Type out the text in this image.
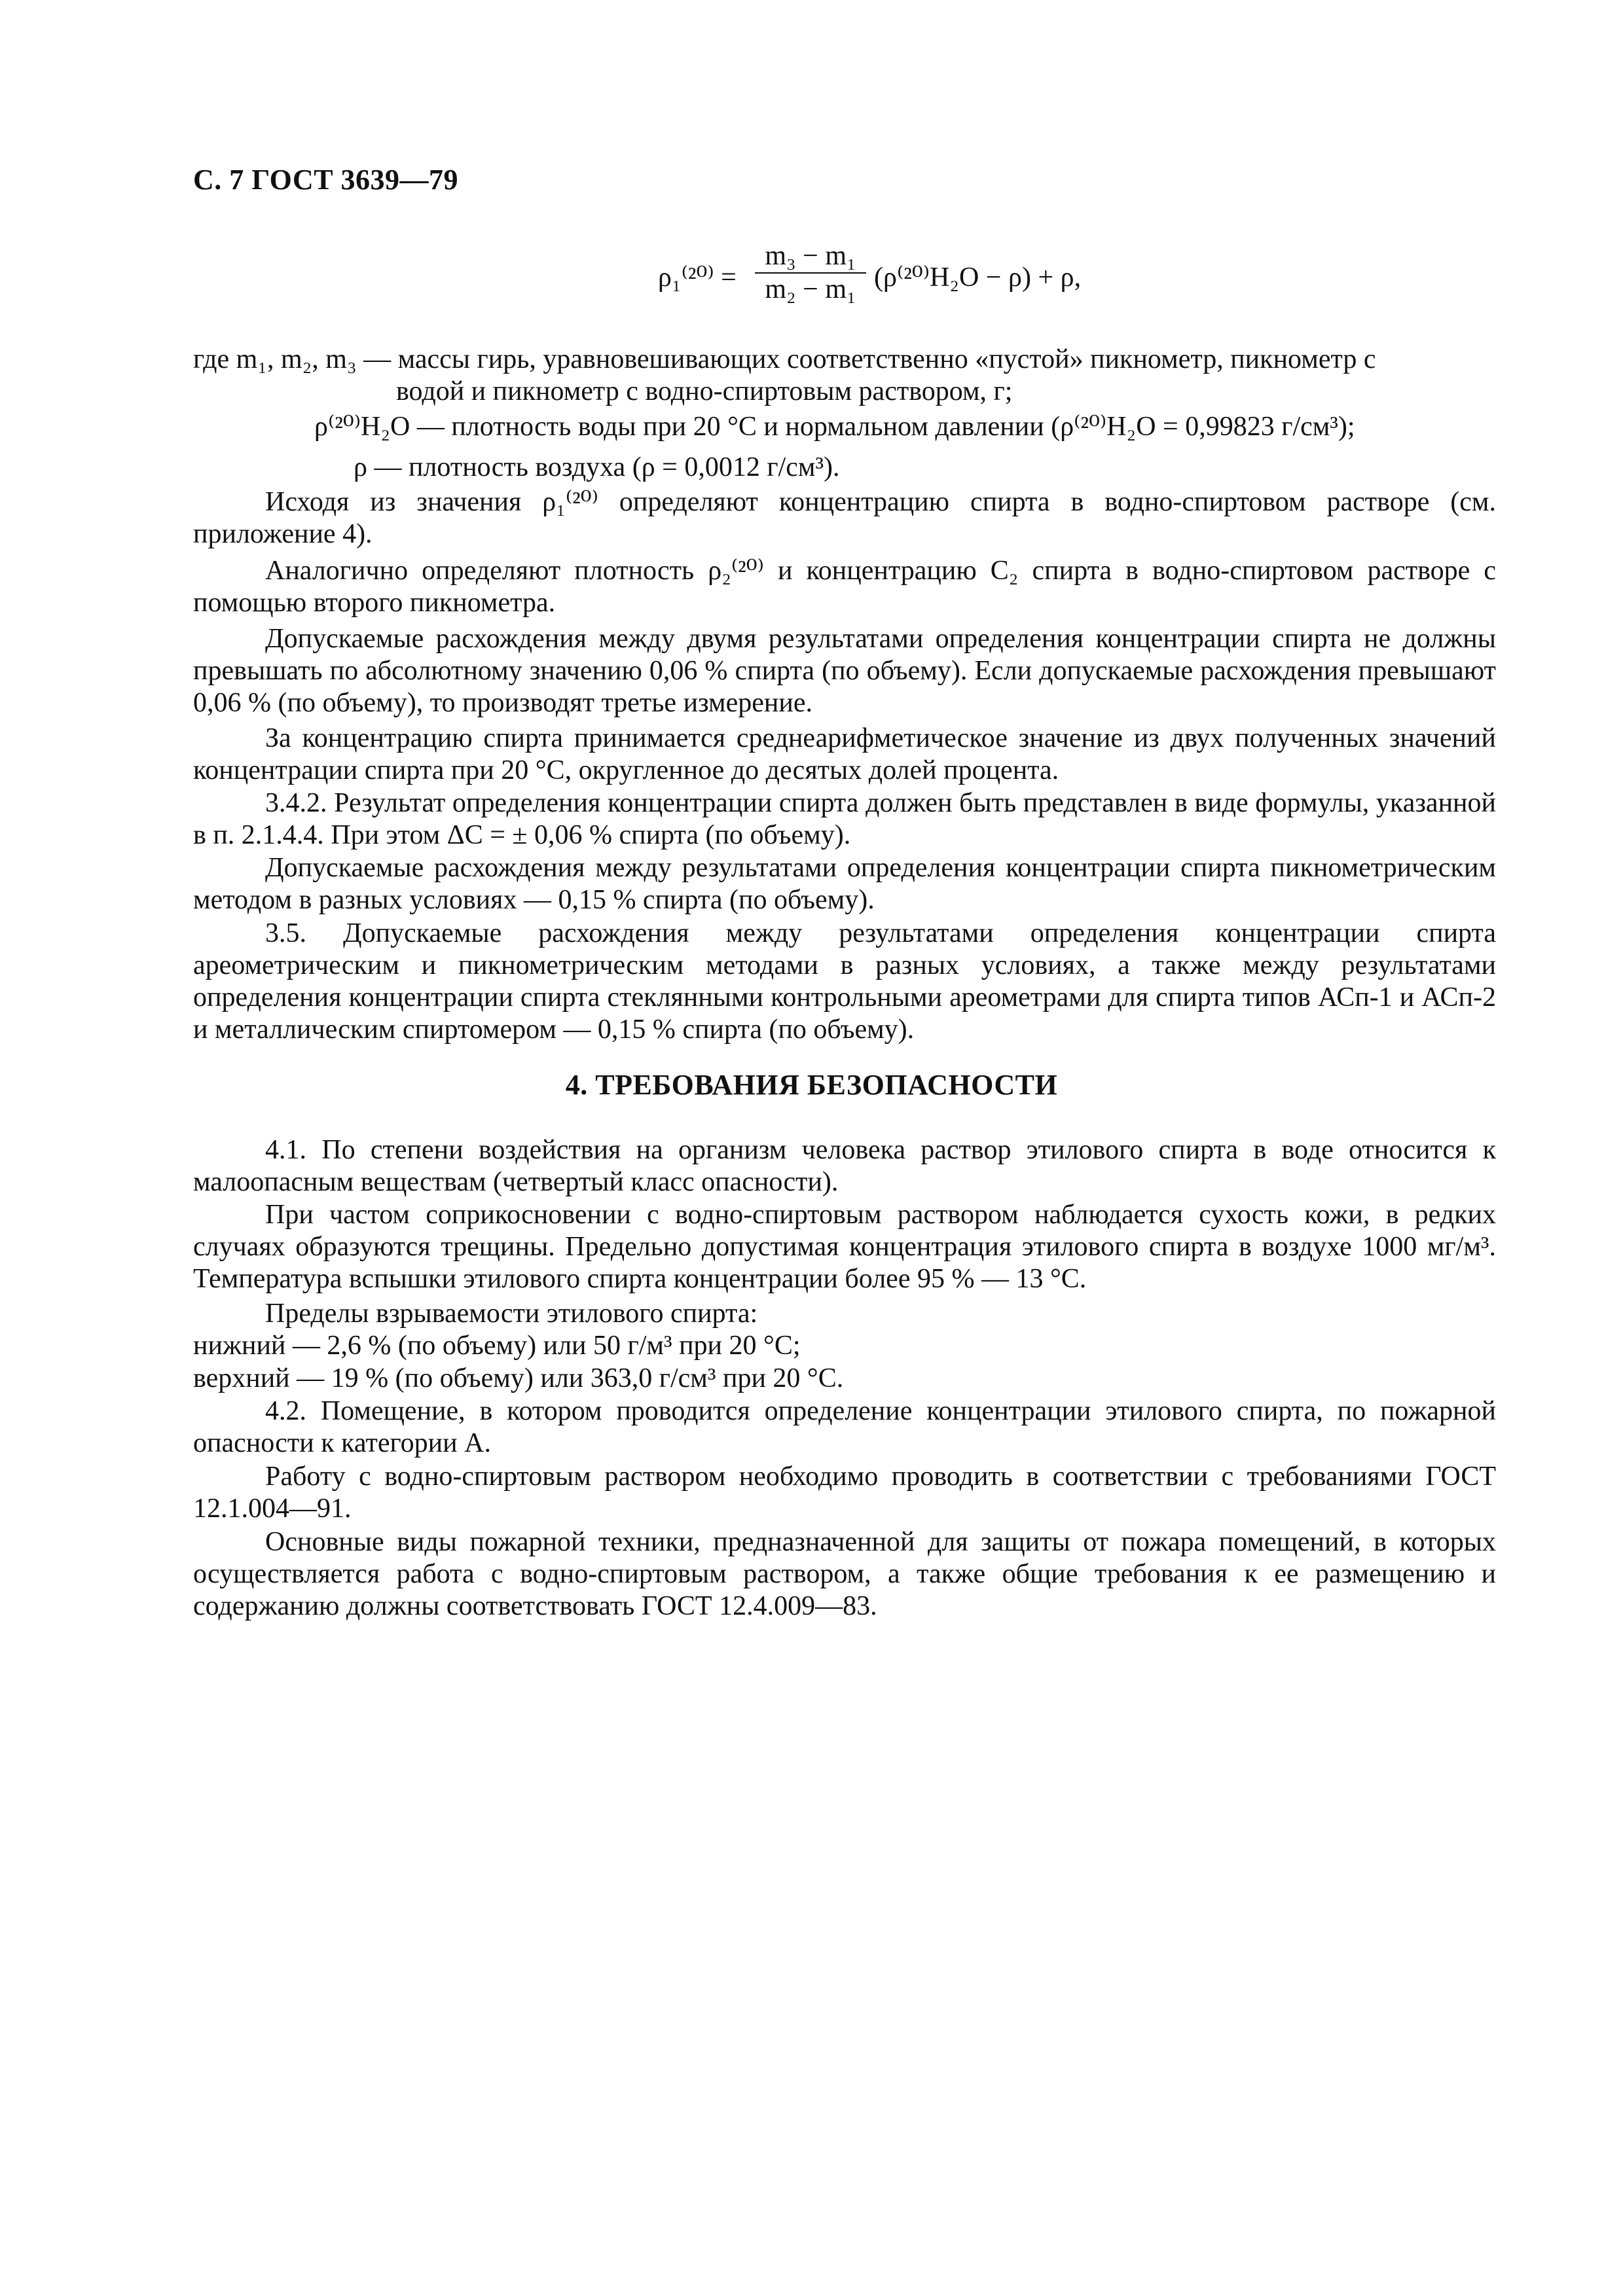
С. 7 ГОСТ 3639—79
$\rho_1^{(20)} = \frac{\text{m₃ − m₁}}{\text{m₂ − m₁}} (\rho^{(20)}H_2O - \rho) + \rho$,
где m₁, m₂, m₃ — массы гирь, уравновешивающих соответственно «пустой» пикнометр, пикнометр с
водой и пикнометр с водно-спиртовым раствором, г;
ρ⁽²⁰⁾H₂O — плотность воды при 20 °С и нормальном давлении (ρ⁽²⁰⁾H₂O = 0,99823 г/см³);
ρ — плотность воздуха (ρ = 0,0012 г/см³).
Исходя из значения ρ₁⁽²⁰⁾ определяют концентрацию спирта в водно-спиртовом растворе (см. приложение 4).
Аналогично определяют плотность ρ₂⁽²⁰⁾ и концентрацию C₂ спирта в водно-спиртовом растворе с помощью второго пикнометра.
Допускаемые расхождения между двумя результатами определения концентрации спирта не должны превышать по абсолютному значению 0,06 % спирта (по объему). Если допускаемые расхождения превышают 0,06 % (по объему), то производят третье измерение.
За концентрацию спирта принимается среднеарифметическое значение из двух полученных значений концентрации спирта при 20 °С, округленное до десятых долей процента.
3.4.2. Результат определения концентрации спирта должен быть представлен в виде формулы, указанной в п. 2.1.4.4. При этом ΔC = ± 0,06 % спирта (по объему).
Допускаемые расхождения между результатами определения концентрации спирта пикнометрическим методом в разных условиях — 0,15 % спирта (по объему).
3.5. Допускаемые расхождения между результатами определения концентрации спирта ареометрическим и пикнометрическим методами в разных условиях, а также между результатами определения концентрации спирта стеклянными контрольными ареометрами для спирта типов АСп-1 и АСп-2 и металлическим спиртомером — 0,15 % спирта (по объему).
4. ТРЕБОВАНИЯ БЕЗОПАСНОСТИ
4.1. По степени воздействия на организм человека раствор этилового спирта в воде относится к малоопасным веществам (четвертый класс опасности).
При частом соприкосновении с водно-спиртовым раствором наблюдается сухость кожи, в редких случаях образуются трещины. Предельно допустимая концентрация этилового спирта в воздухе 1000 мг/м³. Температура вспышки этилового спирта концентрации более 95 % — 13 °С.
Пределы взрываемости этилового спирта:
нижний — 2,6 % (по объему) или 50 г/м³ при 20 °С;
верхний — 19 % (по объему) или 363,0 г/см³ при 20 °С.
4.2. Помещение, в котором проводится определение концентрации этилового спирта, по пожарной опасности к категории А.
Работу с водно-спиртовым раствором необходимо проводить в соответствии с требованиями ГОСТ 12.1.004—91.
Основные виды пожарной техники, предназначенной для защиты от пожара помещений, в которых осуществляется работа с водно-спиртовым раствором, а также общие требования к ее размещению и содержанию должны соответствовать ГОСТ 12.4.009—83.
